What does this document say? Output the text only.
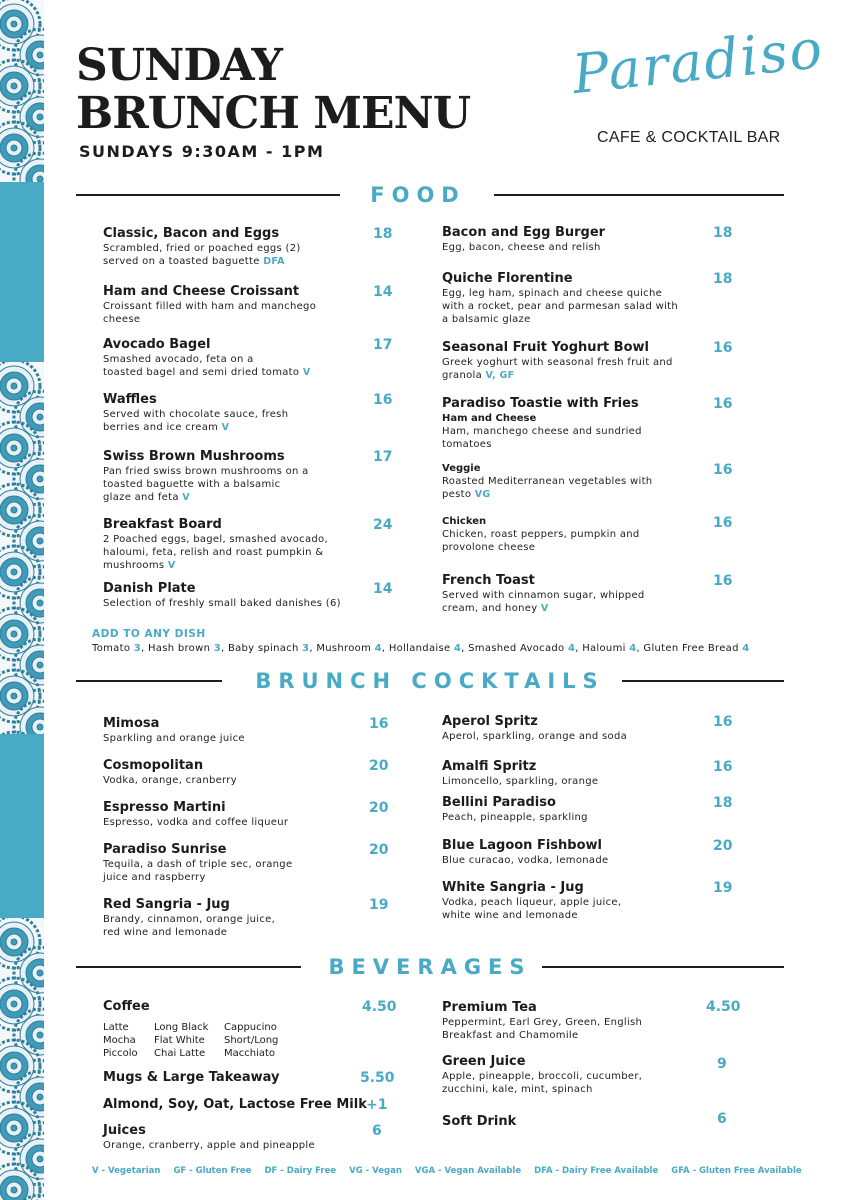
SUNDAY
BRUNCH MENU
SUNDAYS 9:30AM - 1PM
Paradiso
CAFE & COCKTAIL BAR
FOOD
BRUNCH COCKTAILS
BEVERAGES
Classic, Bacon and Eggs
Scrambled, fried or poached eggs (2)
served on a toasted baguette DFA
18
Ham and Cheese Croissant
Croissant filled with ham and manchego
cheese
14
Avocado Bagel
Smashed avocado, feta on a
toasted bagel and semi dried tomato V
17
Waffles
Served with chocolate sauce, fresh
berries and ice cream V
16
Swiss Brown Mushrooms
Pan fried swiss brown mushrooms on a
toasted baguette with a balsamic
glaze and feta V
17
Breakfast Board
2 Poached eggs, bagel, smashed avocado,
haloumi, feta, relish and roast pumpkin &
mushrooms V
24
Danish Plate
Selection of freshly small baked danishes (6)
14
Bacon and Egg Burger
Egg, bacon, cheese and relish
18
Quiche Florentine
Egg, leg ham, spinach and cheese quiche
with a rocket, pear and parmesan salad with
a balsamic glaze
18
Seasonal Fruit Yoghurt Bowl
Greek yoghurt with seasonal fresh fruit and
granola V, GF
16
Paradiso Toastie with Fries
Ham and Cheese
Ham, manchego cheese and sundried
tomatoes
16
Veggie
Roasted Mediterranean vegetables with
pesto VG
16
Chicken
Chicken, roast peppers, pumpkin and
provolone cheese
16
French Toast
Served with cinnamon sugar, whipped
cream, and honey V
16
ADD TO ANY DISH
Tomato 3, Hash brown 3, Baby spinach 3, Mushroom 4, Hollandaise 4, Smashed Avocado 4, Haloumi 4, Gluten Free Bread 4
Mimosa
Sparkling and orange juice
16
Cosmopolitan
Vodka, orange, cranberry
20
Espresso Martini
Espresso, vodka and coffee liqueur
20
Paradiso Sunrise
Tequila, a dash of triple sec, orange
juice and raspberry
20
Red Sangria - Jug
Brandy, cinnamon, orange juice,
red wine and lemonade
19
Aperol Spritz
Aperol, sparkling, orange and soda
16
Amalfi Spritz
Limoncello, sparkling, orange
16
Bellini Paradiso
Peach, pineapple, sparkling
18
Blue Lagoon Fishbowl
Blue curacao, vodka, lemonade
20
White Sangria - Jug
Vodka, peach liqueur, apple juice,
white wine and lemonade
19
Coffee
Latte	Long Black	Cappucino
Mocha	Flat White	Short/Long
Piccolo	Chai Latte	Macchiato
4.50
Mugs & Large Takeaway	5.50
Almond, Soy, Oat, Lactose Free Milk +1
Juices
Orange, cranberry, apple and pineapple
6
Premium Tea
Peppermint, Earl Grey, Green, English
Breakfast and Chamomile
4.50
Green Juice
Apple, pineapple, broccoli, cucumber,
zucchini, kale, mint, spinach
9
Soft Drink	6
V - Vegetarian GF - Gluten Free DF - Dairy Free VG - Vegan VGA - Vegan Available DFA - Dairy Free Available GFA - Gluten Free Available
